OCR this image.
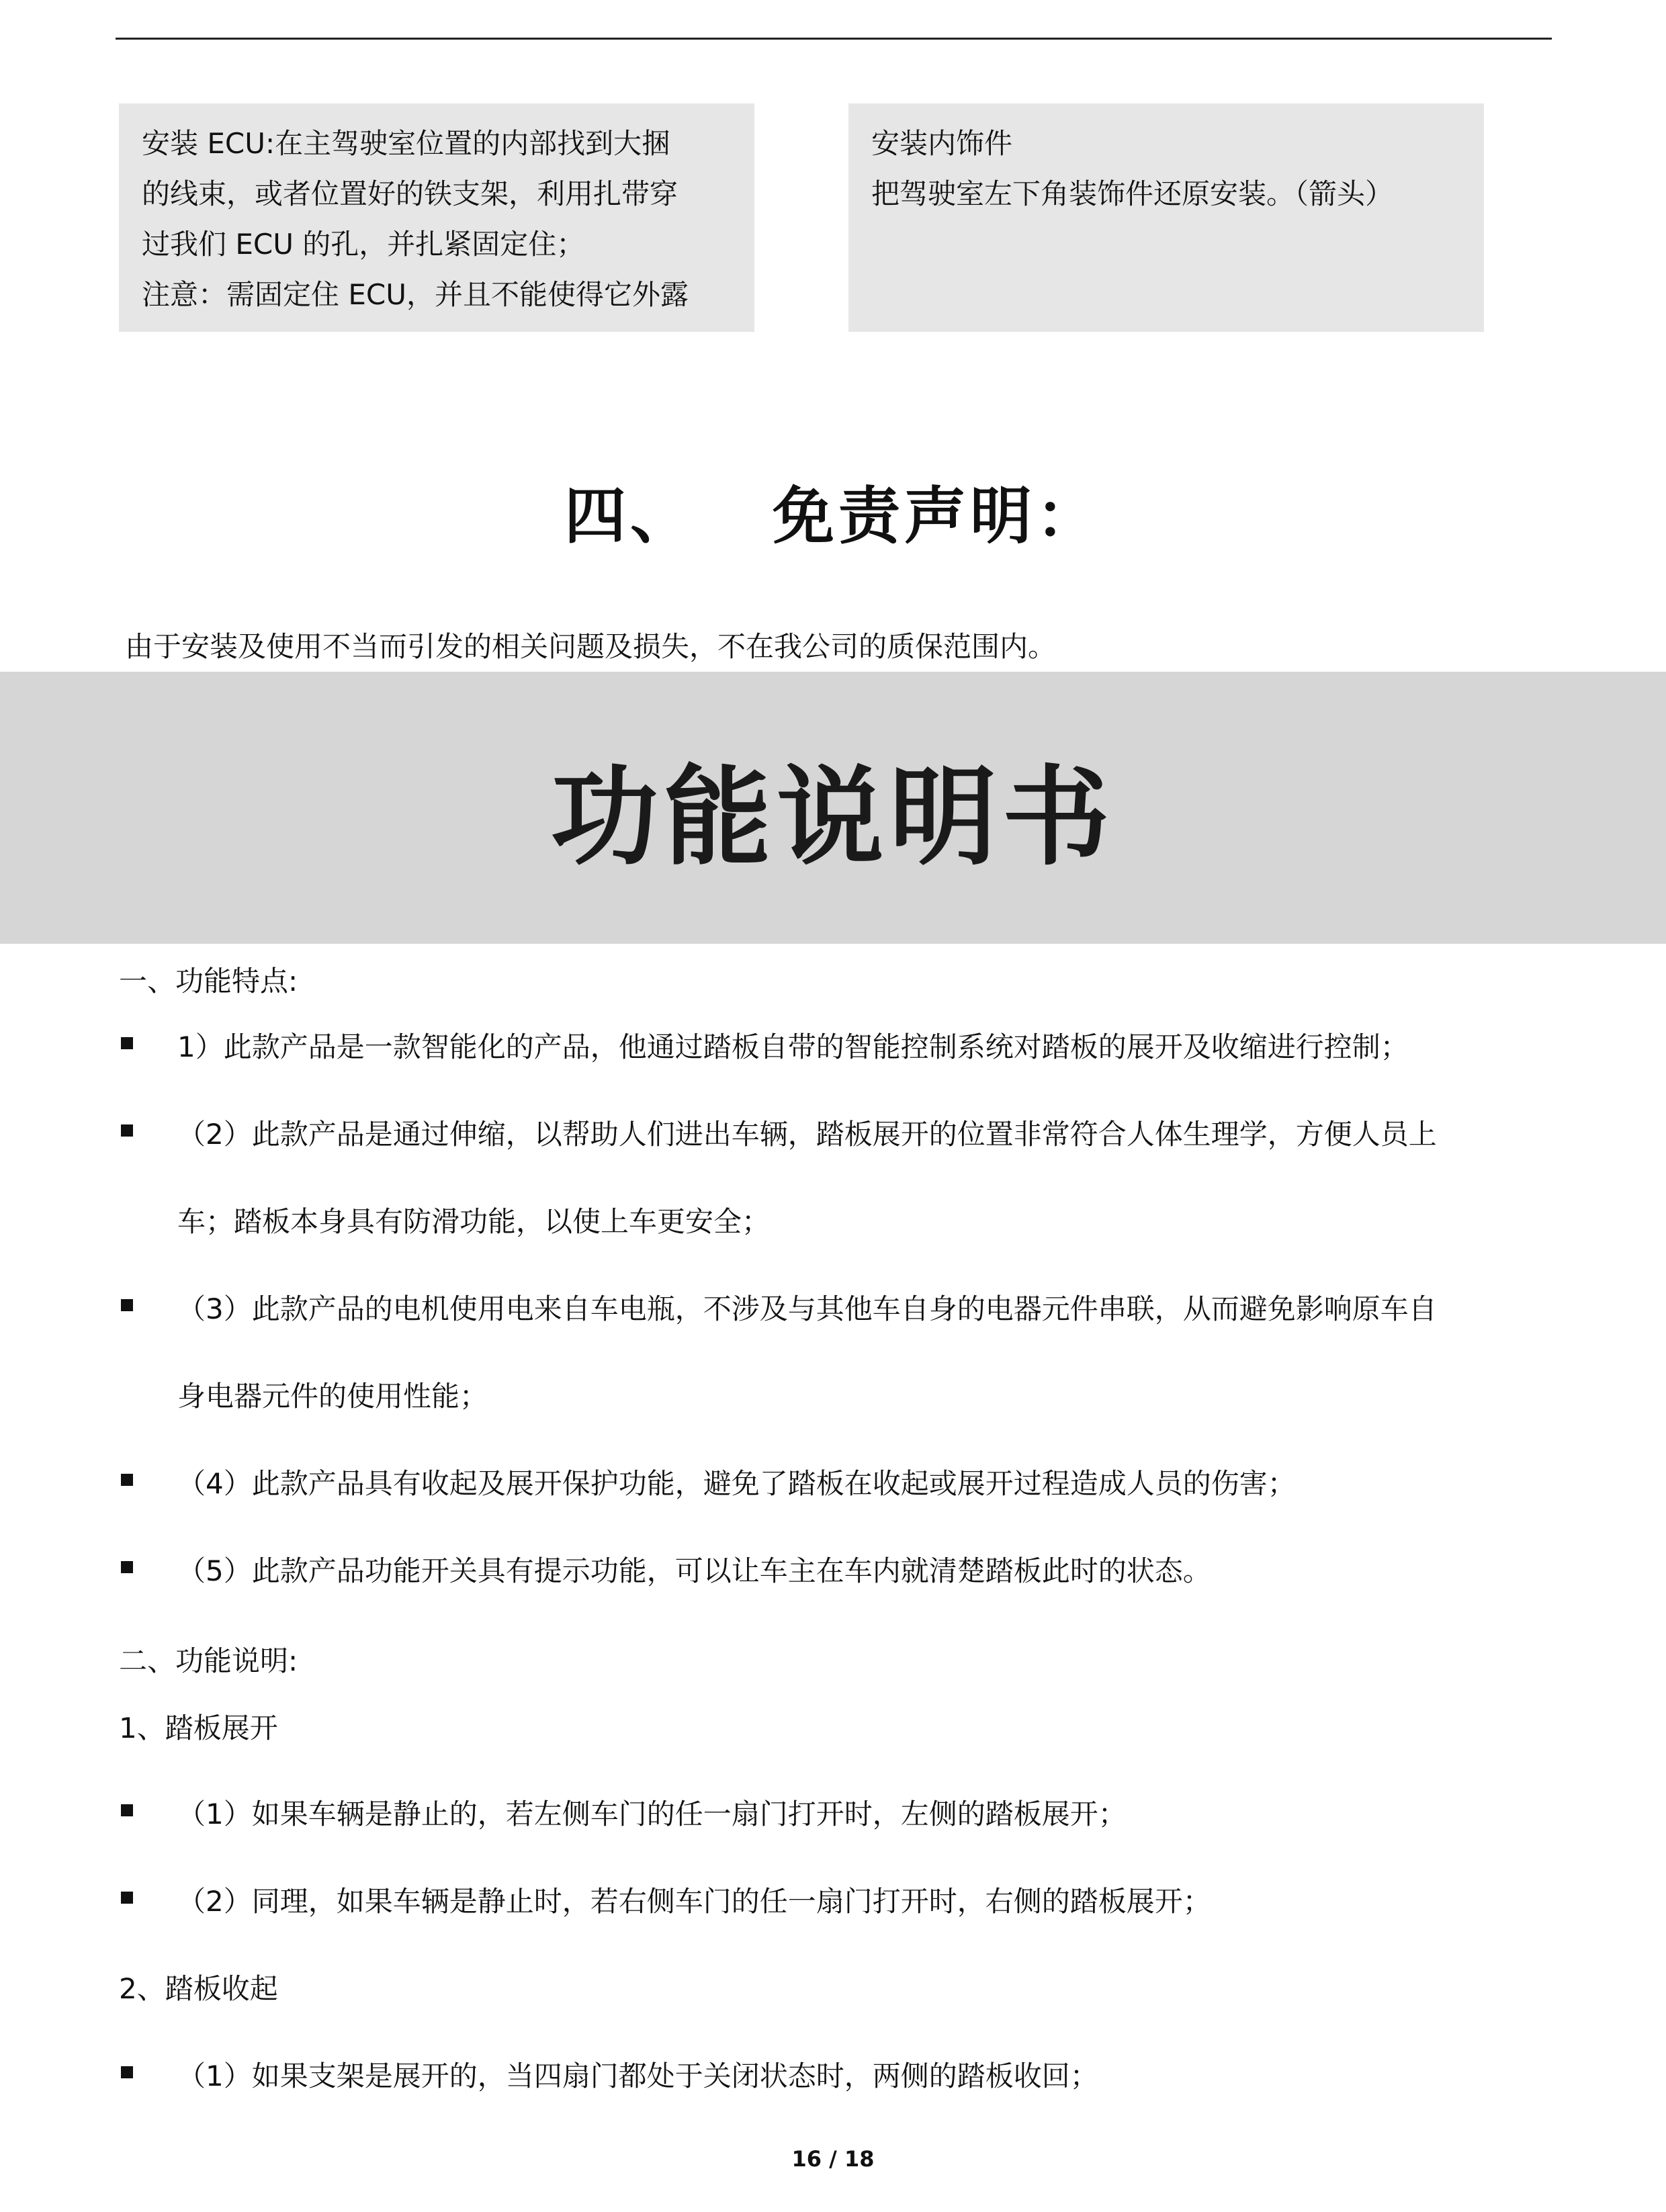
安装 ECU:在主驾驶室位置的内部找到大捆
的线束，或者位置好的铁支架，利用扎带穿
过我们 ECU 的孔，并扎紧固定住；
注意：需固定住 ECU，并且不能使得它外露
安装内饰件
把驾驶室左下角装饰件还原安装。（箭头）
四、   免责声明：
由于安装及使用不当而引发的相关问题及损失，不在我公司的质保范围内。
功能说明书
一、功能特点:
1）此款产品是一款智能化的产品，他通过踏板自带的智能控制系统对踏板的展开及收缩进行控制；
（2）此款产品是通过伸缩，以帮助人们进出车辆，踏板展开的位置非常符合人体生理学，方便人员上
车；踏板本身具有防滑功能，以使上车更安全；
（3）此款产品的电机使用电来自车电瓶，不涉及与其他车自身的电器元件串联，从而避免影响原车自
身电器元件的使用性能；
（4）此款产品具有收起及展开保护功能，避免了踏板在收起或展开过程造成人员的伤害；
（5）此款产品功能开关具有提示功能，可以让车主在车内就清楚踏板此时的状态。
二、功能说明:
1、踏板展开
（1）如果车辆是静止的，若左侧车门的任一扇门打开时，左侧的踏板展开；
（2）同理，如果车辆是静止时，若右侧车门的任一扇门打开时，右侧的踏板展开；
2、踏板收起
（1）如果支架是展开的，当四扇门都处于关闭状态时，两侧的踏板收回；
16 / 18
